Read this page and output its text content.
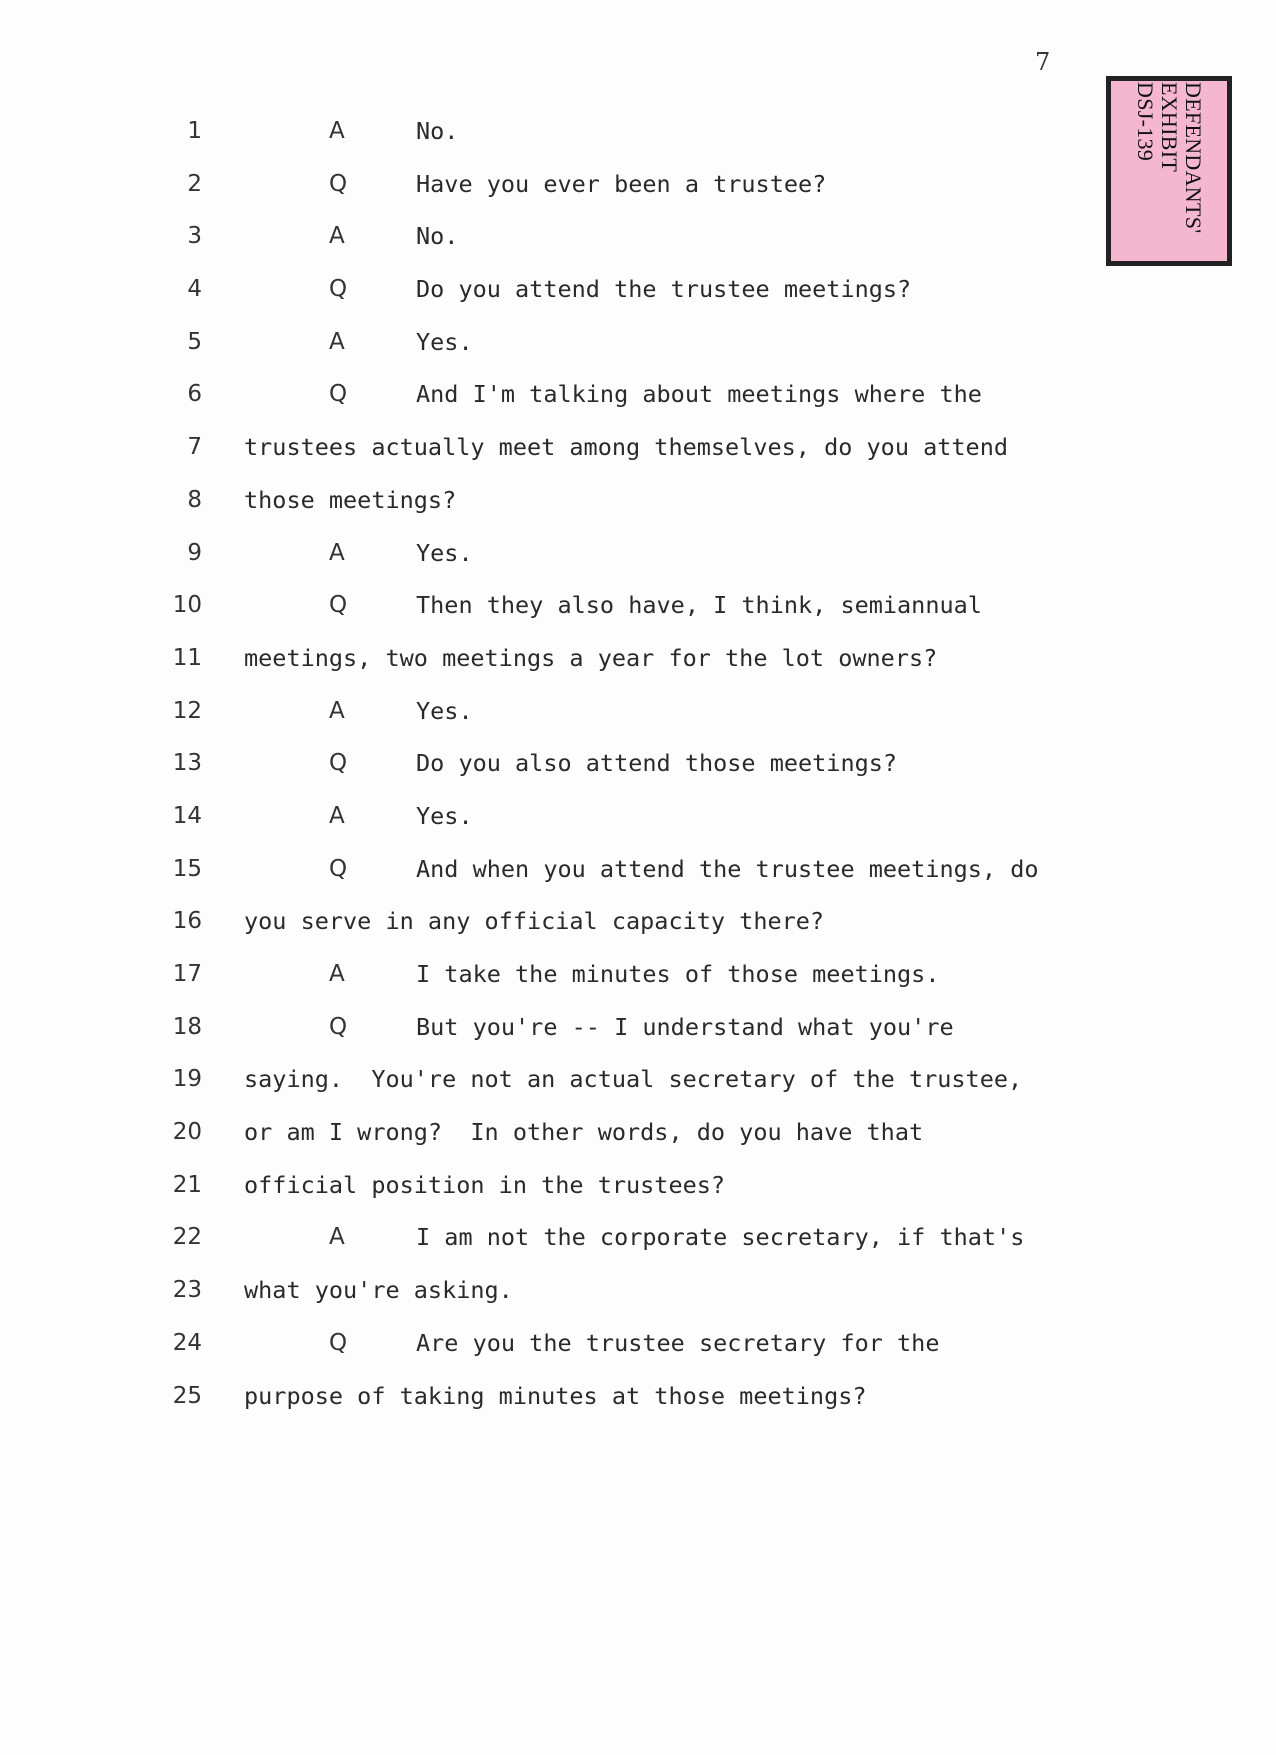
7
DEFENDANTS'
EXHIBIT
DSJ-139
1	A	No.
2	Q	Have you ever been a trustee?
3	A	No.
4	Q	Do you attend the trustee meetings?
5	A	Yes.
6	Q	And I'm talking about meetings where the
7 trustees actually meet among themselves, do you attend
8 those meetings?
9	A	Yes.
10	Q	Then they also have, I think, semiannual
11 meetings, two meetings a year for the lot owners?
12	A	Yes.
13	Q	Do you also attend those meetings?
14	A	Yes.
15	Q	And when you attend the trustee meetings, do
16 you serve in any official capacity there?
17	A	I take the minutes of those meetings.
18	Q	But you're -- I understand what you're
19 saying.  You're not an actual secretary of the trustee,
20 or am I wrong?  In other words, do you have that
21 official position in the trustees?
22	A	I am not the corporate secretary, if that's
23 what you're asking.
24	Q	Are you the trustee secretary for the
25 purpose of taking minutes at those meetings?
